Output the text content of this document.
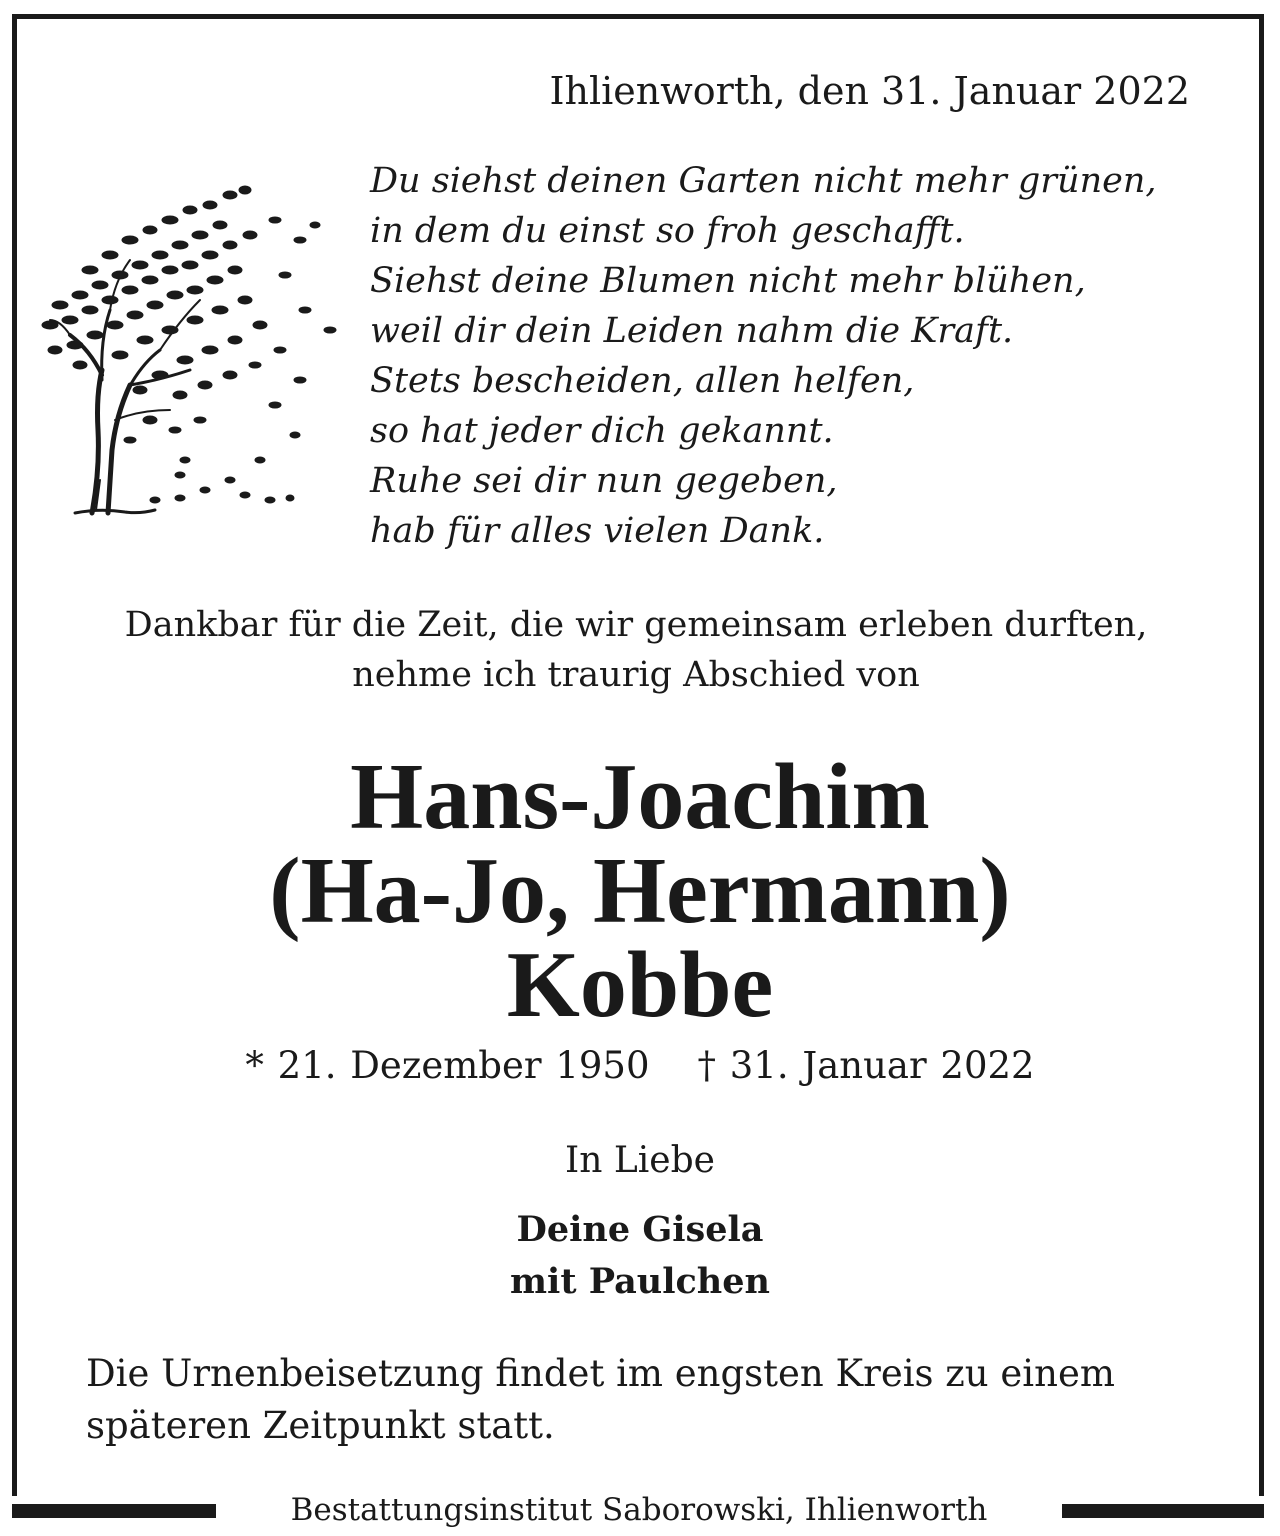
Ihlienworth, den 31. Januar 2022
Du siehst deinen Garten nicht mehr grünen,
in dem du einst so froh geschafft.
Siehst deine Blumen nicht mehr blühen,
weil dir dein Leiden nahm die Kraft.
Stets bescheiden, allen helfen,
so hat jeder dich gekannt.
Ruhe sei dir nun gegeben,
hab für alles vielen Dank.
Dankbar für die Zeit, die wir gemeinsam erleben durften,
nehme ich traurig Abschied von
Hans-Joachim
(Ha-Jo, Hermann)
Kobbe
* 21. Dezember 1950 † 31. Januar 2022
In Liebe
Deine Gisela
mit Paulchen
Die Urnenbeisetzung findet im engsten Kreis zu einem späteren Zeitpunkt statt.
Bestattungsinstitut Saborowski, Ihlienworth
